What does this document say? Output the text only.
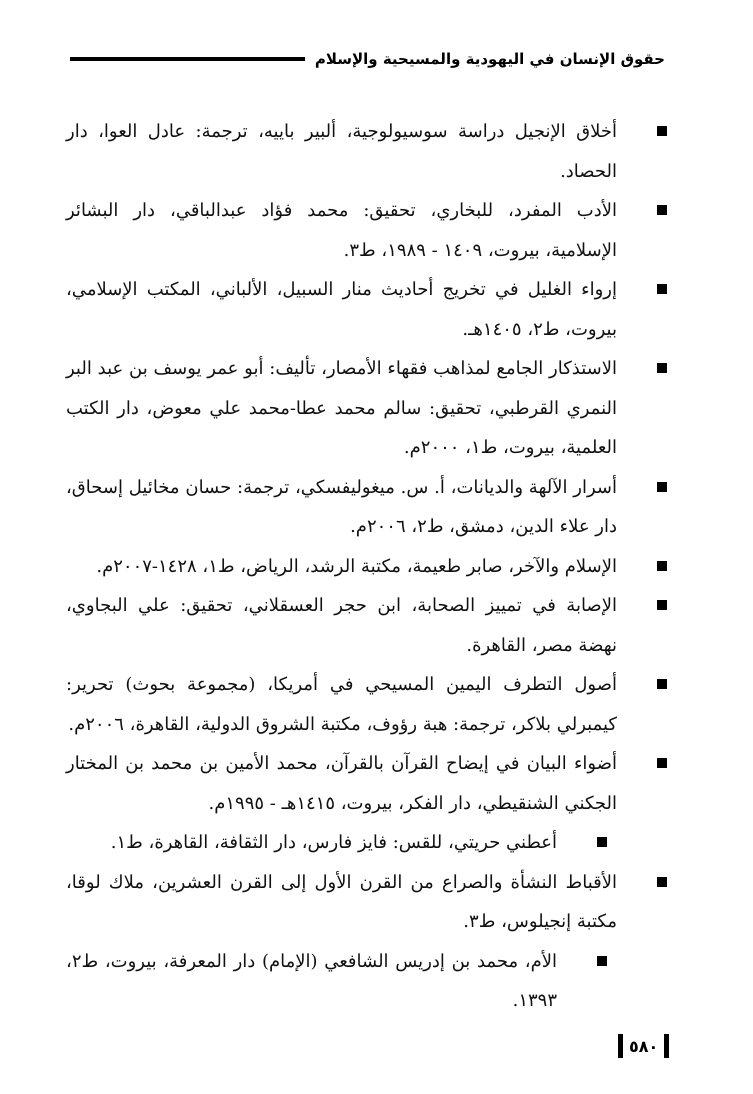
حقوق الإنسان في اليهودية والمسيحية والإسلام
أخلاق الإنجيل دراسة سوسيولوجية، ألبير باييه، ترجمة: عادل العوا، دار الحصاد.
الأدب المفرد، للبخاري، تحقيق: محمد فؤاد عبدالباقي، دار البشائر الإسلامية، بيروت، ١٤٠٩ - ١٩٨٩، ط٣.
إرواء الغليل في تخريج أحاديث منار السبيل، الألباني، المكتب الإسلامي، بيروت، ط٢، ١٤٠٥هـ.
الاستذكار الجامع لمذاهب فقهاء الأمصار، تأليف: أبو عمر يوسف بن عبد البر النمري القرطبي، تحقيق: سالم محمد عطا-محمد علي معوض، دار الكتب العلمية، بيروت، ط١، ٢٠٠٠م.
أسرار الآلهة والديانات، أ. س. ميغوليفسكي، ترجمة: حسان مخائيل إسحاق، دار علاء الدين، دمشق، ط٢، ٢٠٠٦م.
الإسلام والآخر، صابر طعيمة، مكتبة الرشد، الرياض، ط١، ١٤٢٨-٢٠٠٧م.
الإصابة في تمييز الصحابة، ابن حجر العسقلاني، تحقيق: علي البجاوي، نهضة مصر، القاهرة.
أصول التطرف اليمين المسيحي في أمريكا، (مجموعة بحوث) تحرير: كيمبرلي بلاكر، ترجمة: هبة رؤوف، مكتبة الشروق الدولية، القاهرة، ٢٠٠٦م.
أضواء البيان في إيضاح القرآن بالقرآن، محمد الأمين بن محمد بن المختار الجكني الشنقيطي، دار الفكر، بيروت، ١٤١٥هـ - ١٩٩٥م.
أعطني حريتي، للقس: فايز فارس، دار الثقافة، القاهرة، ط١.
الأقباط النشأة والصراع من القرن الأول إلى القرن العشرين، ملاك لوقا، مكتبة إنجيلوس، ط٣.
الأم، محمد بن إدريس الشافعي (الإمام) دار المعرفة، بيروت، ط٢، ١٣٩٣.
٥٨٠
